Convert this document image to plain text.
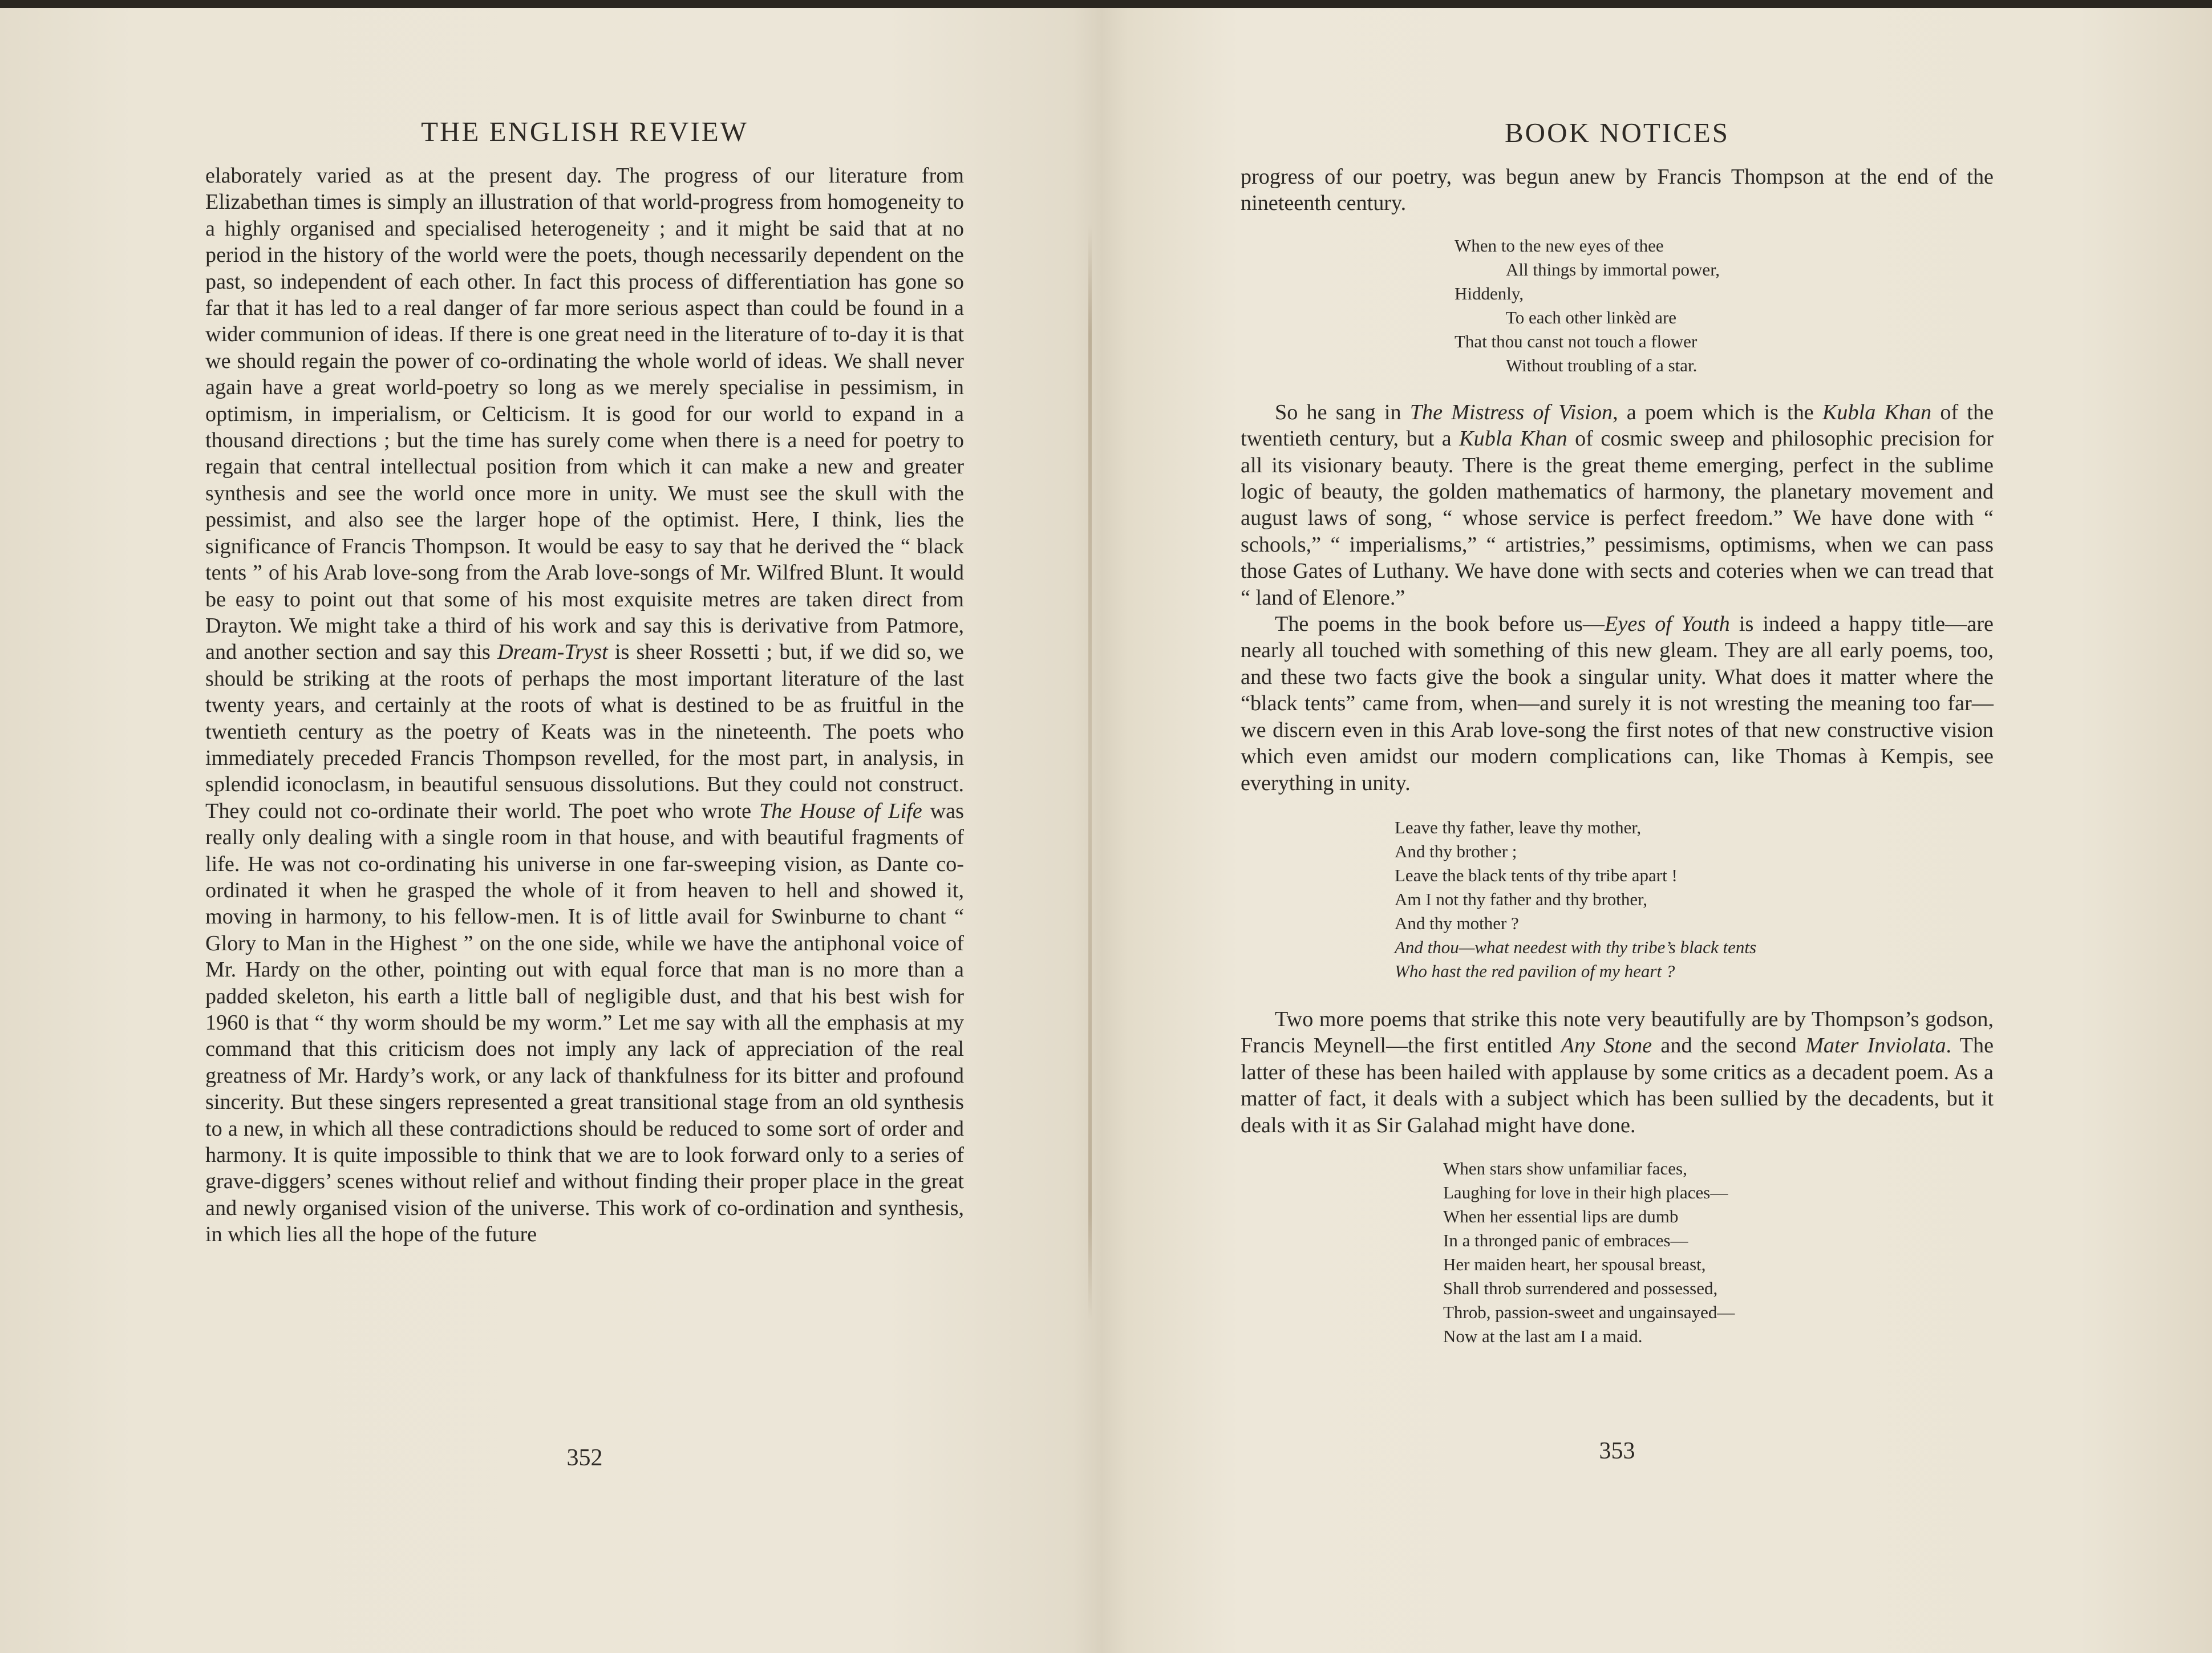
THE ENGLISH REVIEW

elaborately varied as at the present day. The progress of our literature from Elizabethan times is simply an illustration of that world-progress from homogeneity to a highly organised and specialised heterogeneity ; and it might be said that at no period in the history of the world were the poets, though necessarily dependent on the past, so independent of each other. In fact this process of differentiation has gone so far that it has led to a real danger of far more serious aspect than could be found in a wider communion of ideas. If there is one great need in the literature of to-day it is that we should regain the power of co-ordinating the whole world of ideas. We shall never again have a great world-poetry so long as we merely specialise in pessimism, in optimism, in imperialism, or Celticism. It is good for our world to expand in a thousand directions ; but the time has surely come when there is a need for poetry to regain that central intellectual position from which it can make a new and greater synthesis and see the world once more in unity. We must see the skull with the pessimist, and also see the larger hope of the optimist. Here, I think, lies the significance of Francis Thompson. It would be easy to say that he derived the “ black tents ” of his Arab love-song from the Arab love-songs of Mr. Wilfred Blunt. It would be easy to point out that some of his most exquisite metres are taken direct from Drayton. We might take a third of his work and say this is derivative from Patmore, and another section and say this Dream-Tryst is sheer Rossetti ; but, if we did so, we should be striking at the roots of perhaps the most important literature of the last twenty years, and certainly at the roots of what is destined to be as fruitful in the twentieth century as the poetry of Keats was in the nineteenth. The poets who immediately preceded Francis Thompson revelled, for the most part, in analysis, in splendid iconoclasm, in beautiful sensuous dissolutions. But they could not construct. They could not co-ordinate their world. The poet who wrote The House of Life was really only dealing with a single room in that house, and with beautiful fragments of life. He was not co-ordinating his universe in one far-sweeping vision, as Dante co-ordinated it when he grasped the whole of it from heaven to hell and showed it, moving in harmony, to his fellow-men. It is of little avail for Swinburne to chant “ Glory to Man in the Highest ” on the one side, while we have the antiphonal voice of Mr. Hardy on the other, pointing out with equal force that man is no more than a padded skeleton, his earth a little ball of negligible dust, and that his best wish for 1960 is that “ thy worm should be my worm.” Let me say with all the emphasis at my command that this criticism does not imply any lack of appreciation of the real greatness of Mr. Hardy’s work, or any lack of thankfulness for its bitter and profound sincerity. But these singers represented a great transitional stage from an old synthesis to a new, in which all these contradictions should be reduced to some sort of order and harmony. It is quite impossible to think that we are to look forward only to a series of grave-diggers’ scenes without relief and without finding their proper place in the great and newly organised vision of the universe. This work of co-ordination and synthesis, in which lies all the hope of the future

352
BOOK NOTICES

progress of our poetry, was begun anew by Francis Thompson at the end of the nineteenth century.

When to the new eyes of thee
All things by immortal power,
Hiddenly,
To each other linkèd are
That thou canst not touch a flower
Without troubling of a star.

So he sang in The Mistress of Vision, a poem which is the Kubla Khan of the twentieth century, but a Kubla Khan of cosmic sweep and philosophic precision for all its visionary beauty. There is the great theme emerging, perfect in the sublime logic of beauty, the golden mathematics of harmony, the planetary movement and august laws of song, “ whose service is perfect freedom.” We have done with “ schools,” “ imperialisms,” “ artistries,” pessimisms, optimisms, when we can pass those Gates of Luthany. We have done with sects and coteries when we can tread that “ land of Elenore.”

The poems in the book before us—Eyes of Youth is indeed a happy title—are nearly all touched with something of this new gleam. They are all early poems, too, and these two facts give the book a singular unity. What does it matter where the “black tents” came from, when—and surely it is not wresting the meaning too far—we discern even in this Arab love-song the first notes of that new constructive vision which even amidst our modern complications can, like Thomas à Kempis, see everything in unity.

Leave thy father, leave thy mother,
And thy brother ;
Leave the black tents of thy tribe apart !
Am I not thy father and thy brother,
And thy mother ?
And thou—what needest with thy tribe’s black tents
Who hast the red pavilion of my heart ?

Two more poems that strike this note very beautifully are by Thompson’s godson, Francis Meynell—the first entitled Any Stone and the second Mater Inviolata. The latter of these has been hailed with applause by some critics as a decadent poem. As a matter of fact, it deals with a subject which has been sullied by the decadents, but it deals with it as Sir Galahad might have done.

When stars show unfamiliar faces,
Laughing for love in their high places—
When her essential lips are dumb
In a thronged panic of embraces—
Her maiden heart, her spousal breast,
Shall throb surrendered and possessed,
Throb, passion-sweet and ungainsayed—
Now at the last am I a maid.
353
